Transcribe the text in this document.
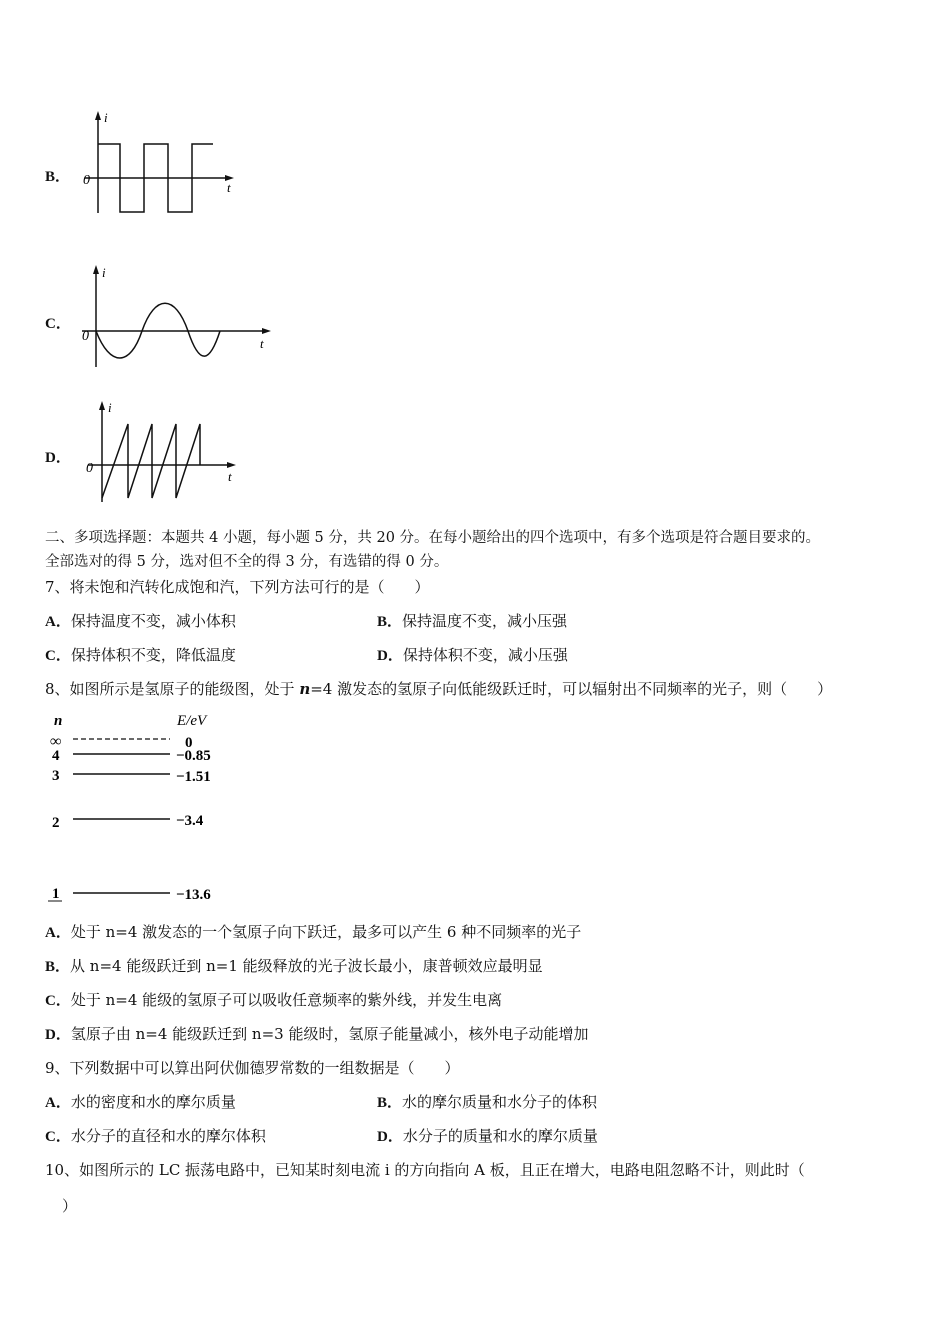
B．
i
t
0
C．
i
t
0
D．
i
t
0
二、多项选择题：本题共 4 小题，每小题 5 分，共 20 分。在每小题给出的四个选项中，有多个选项是符合题目要求的。
全部选对的得 5 分，选对但不全的得 3 分，有选错的得 0 分。
7、将未饱和汽转化成饱和汽，下列方法可行的是（　　）
A．保持温度不变，减小体积	B．保持温度不变，减小压强
C．保持体积不变，降低温度	D．保持体积不变，减小压强
8、如图所示是氢原子的能级图，处于 n=4 激发态的氢原子向低能级跃迁时，可以辐射出不同频率的光子，则（　　）
n	E/eV
∞	0
4	−0.85
3	−1.51
2	−3.4
1	−13.6
A．处于 n=4 激发态的一个氢原子向下跃迁，最多可以产生 6 种不同频率的光子
B．从 n=4 能级跃迁到 n=1 能级释放的光子波长最小，康普顿效应最明显
C．处于 n=4 能级的氢原子可以吸收任意频率的紫外线，并发生电离
D．氢原子由 n=4 能级跃迁到 n=3 能级时，氢原子能量减小，核外电子动能增加
9、下列数据中可以算出阿伏伽德罗常数的一组数据是（　　）
A．水的密度和水的摩尔质量	B．水的摩尔质量和水分子的体积
C．水分子的直径和水的摩尔体积	D．水分子的质量和水的摩尔质量
10、如图所示的 LC 振荡电路中，已知某时刻电流 i 的方向指向 A 板，且正在增大，电路电阻忽略不计，则此时（
）
